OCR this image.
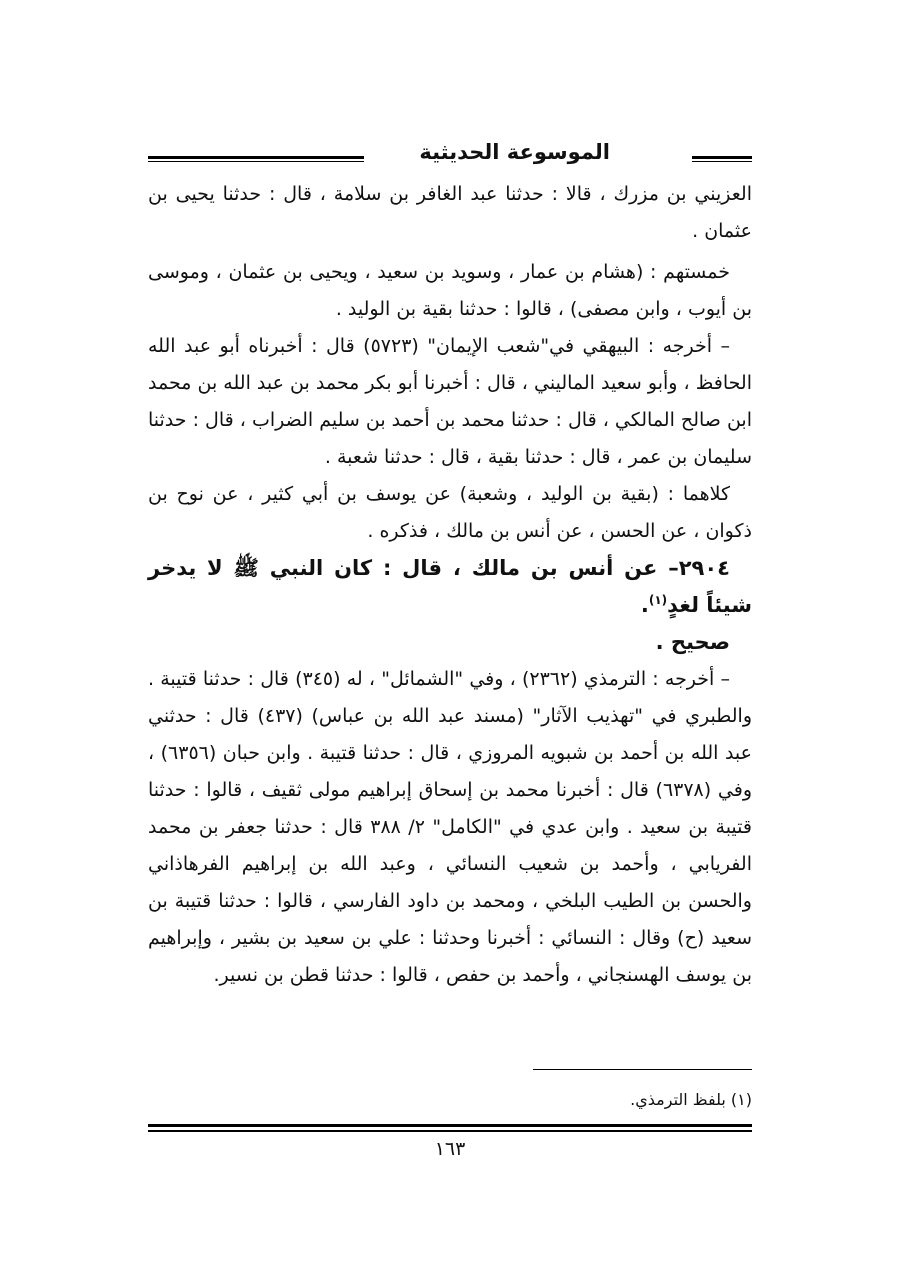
الموسوعة الحديثية

العزيني بن مزرك ، قالا : حدثنا عبد الغافر بن سلامة ، قال : حدثنا يحيى بن عثمان .

خمستهم : (هشام بن عمار ، وسويد بن سعيد ، ويحيى بن عثمان ، وموسى بن أيوب ، وابن مصفى) ، قالوا : حدثنا بقية بن الوليد .

– أخرجه : البيهقي في"شعب الإيمان" (٥٧٢٣) قال : أخبرناه أبو عبد الله الحافظ ، وأبو سعيد الماليني ، قال : أخبرنا أبو بكر محمد بن عبد الله بن محمد ابن صالح المالكي ، قال : حدثنا محمد بن أحمد بن سليم الضراب ، قال : حدثنا سليمان بن عمر ، قال : حدثنا بقية ، قال : حدثنا شعبة .

كلاهما : (بقية بن الوليد ، وشعبة) عن يوسف بن أبي كثير ، عن نوح بن ذكوان ، عن الحسن ، عن أنس بن مالك ، فذكره .

٢٩٠٤– عن أنس بن مالك ، قال : كان النبي ﷺ لا يدخر شيئاً لغدٍ$^{(١)}$.

صحيح .

– أخرجه : الترمذي (٢٣٦٢) ، وفي "الشمائل" ، له (٣٤٥) قال : حدثنا قتيبة . والطبري في "تهذيب الآثار" (مسند عبد الله بن عباس) (٤٣٧) قال : حدثني عبد الله بن أحمد بن شبويه المروزي ، قال : حدثنا قتيبة . وابن حبان (٦٣٥٦) ، وفي (٦٣٧٨) قال : أخبرنا محمد بن إسحاق إبراهيم مولى ثقيف ، قالوا : حدثنا قتيبة بن سعيد . وابن عدي في "الكامل" ٢/ ٣٨٨ قال : حدثنا جعفر بن محمد الفريابي ، وأحمد بن شعيب النسائي ، وعبد الله بن إبراهيم الفرهاذاني والحسن بن الطيب البلخي ، ومحمد بن داود الفارسي ، قالوا : حدثنا قتيبة بن سعيد (ح) وقال : النسائي : أخبرنا وحدثنا : علي بن سعيد بن بشير ، وإبراهيم بن يوسف الهسنجاني ، وأحمد بن حفص ، قالوا : حدثنا قطن بن نسير.

(١) بلفظ الترمذي.
١٦٣
